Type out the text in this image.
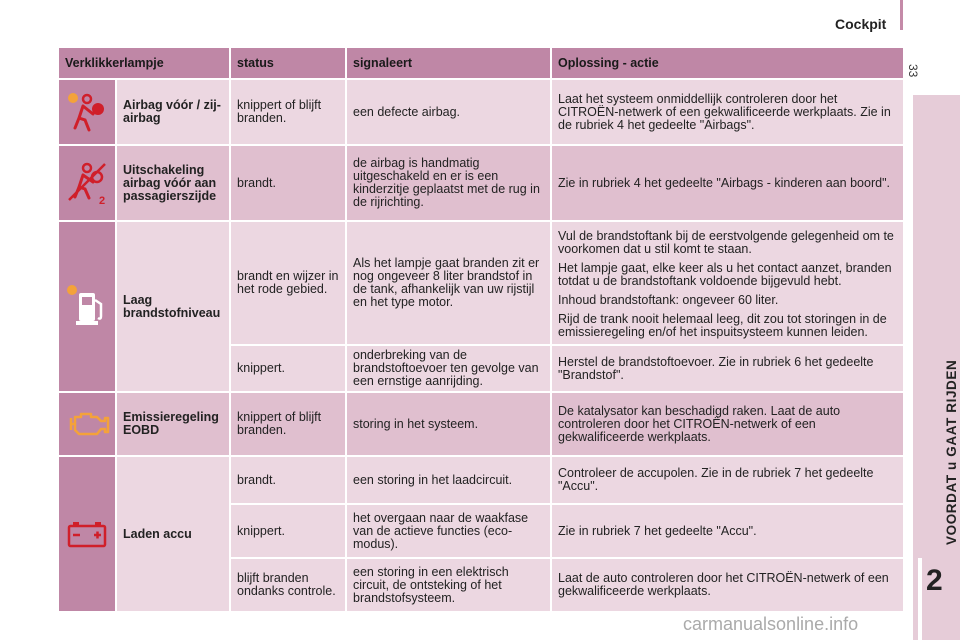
Cockpit
33
VOORDAT u GAAT RIJDEN
2
Verklikkerlampje		status	signaleert	Oplossing - actie

	Airbag vóór / zij-airbag	knippert of blijft branden.	een defecte airbag.	Laat het systeem onmiddellijk controleren door het CITROËN-netwerk of een gekwalificeerde werkplaats. Zie in de rubriek 4 het gedeelte "Airbags".

2	Uitschakeling airbag vóór aan passagierszijde	brandt.	de airbag is handmatig uitgeschakeld en er is een kinderzitje geplaatst met de rug in de rijrichting.	Zie in rubriek 4 het gedeelte "Airbags - kinderen aan boord".

	Laag brandstofniveau	brandt en wijzer in het rode gebied.	Als het lampje gaat branden zit er nog ongeveer 8 liter brandstof in de tank, afhankelijk van uw rijstijl en het type motor.	Vul de brandstoftank bij de eerstvolgende gelegenheid om te voorkomen dat u stil komt te staan.
Het lampje gaat, elke keer als u het contact aanzet, branden totdat u de brandstoftank voldoende bijgevuld hebt.
Inhoud brandstoftank: ongeveer 60 liter.
Rijd de trank nooit helemaal leeg, dit zou tot storingen in de emissieregeling en/of het inspuitsysteem kunnen leiden.

		knippert.	onderbreking van de brandstoftoevoer ten gevolge van een ernstige aanrijding.	Herstel de brandstoftoevoer. Zie in rubriek 6 het gedeelte "Brandstof".

	Emissieregeling EOBD	knippert of blijft branden.	storing in het systeem.	De katalysator kan beschadigd raken. Laat de auto controleren door het CITROËN-netwerk of een gekwalificeerde werkplaats.

	Laden accu	brandt.	een storing in het laadcircuit.	Controleer de accupolen. Zie in de rubriek 7 het gedeelte "Accu".
		knippert.	het overgaan naar de waakfase van de actieve functies (eco-modus).	Zie in rubriek 7 het gedeelte "Accu".
		blijft branden ondanks controle.	een storing in een elektrisch circuit, de ontsteking of het brandstofsysteem.	Laat de auto controleren door het CITROËN-netwerk of een gekwalificeerde werkplaats.
carmanualsonline.info
